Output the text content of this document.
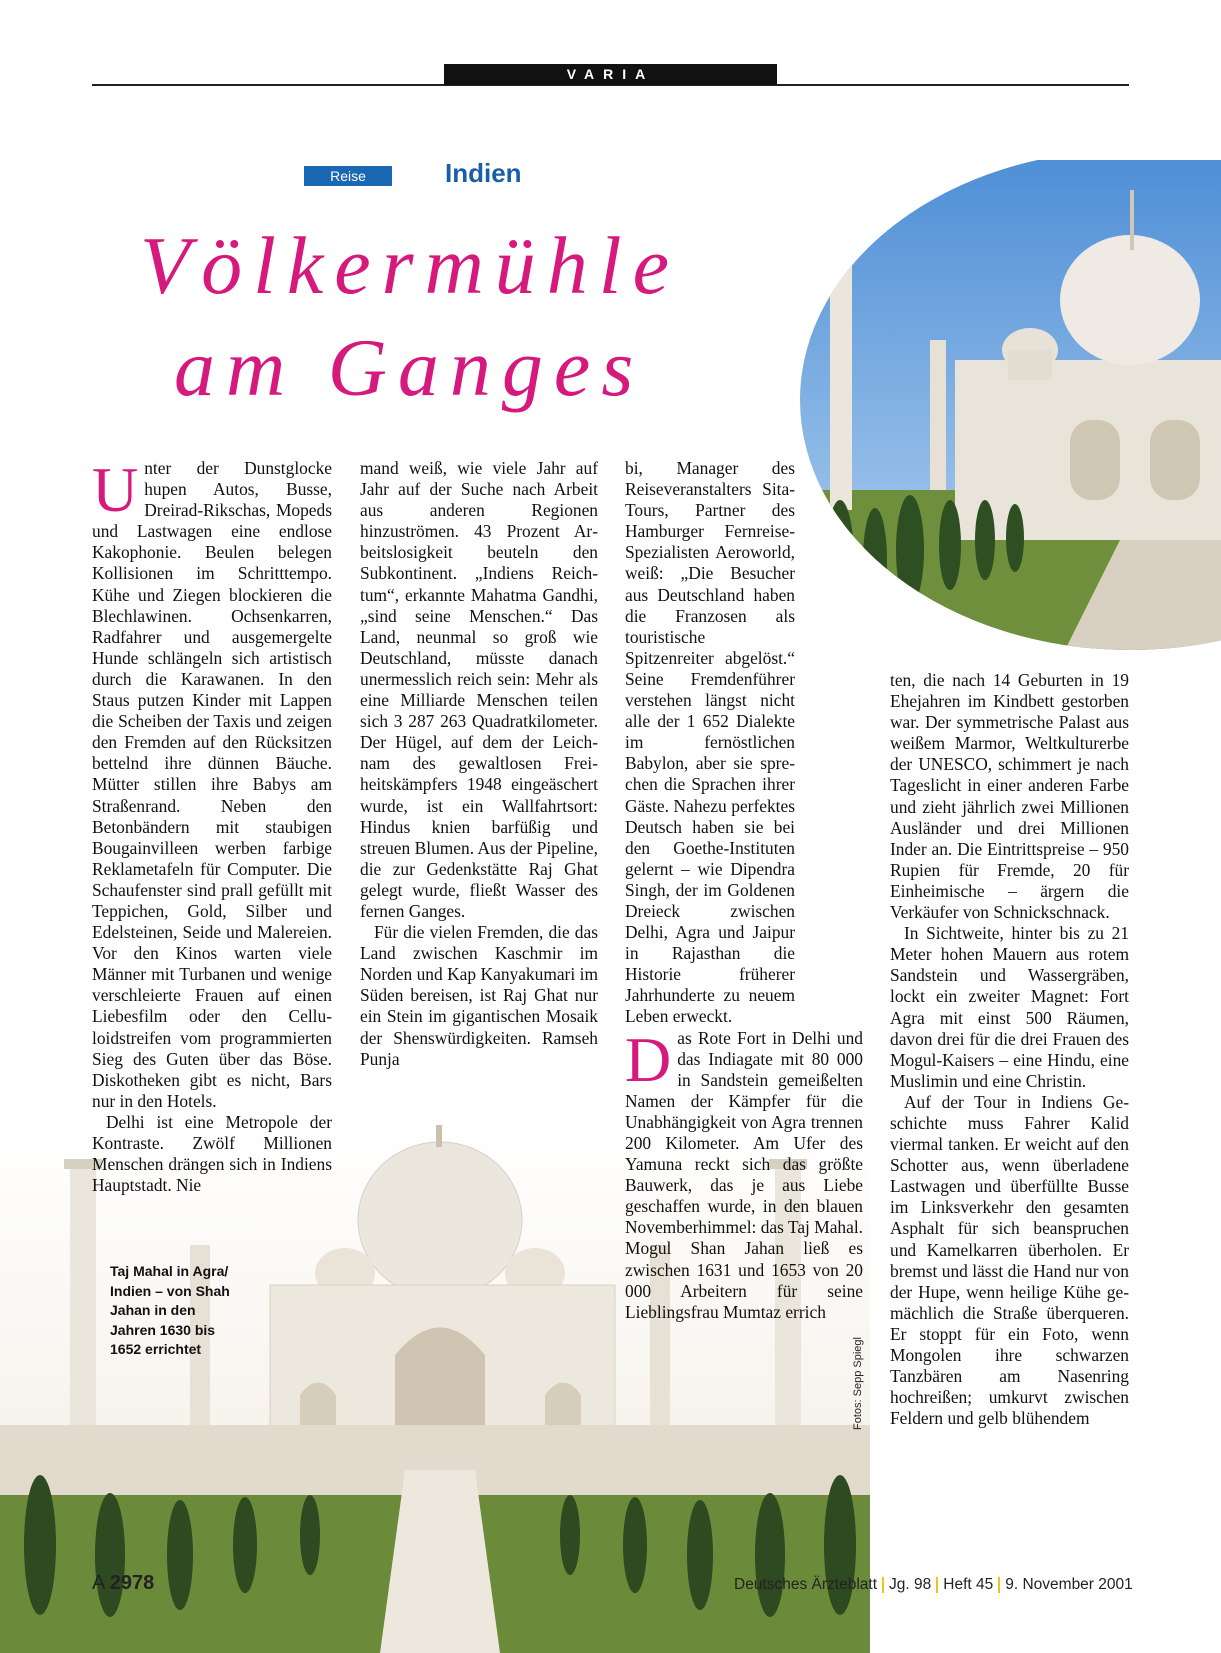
VARIA
Reise	Indien
Völkermühle
am Ganges

Unter der Dunstglocke hupen Autos, Busse, Dreirad-Rikschas, Mopeds und Lastwagen eine endlose Kakophonie. Beulen belegen Kollisionen im Schritttempo. Kühe und Ziegen blockieren die Blechlawinen. Ochsenkarren, Radfahrer und ausgemergelte Hunde schlängeln sich artistisch durch die Karawanen. In den Staus putzen Kinder mit Lappen die Scheiben der Taxis und zeigen den Fremden auf den Rücksitzen bettelnd ihre dünnen Bäuche. Mütter stillen ihre Babys am Straßenrand. Neben den Betonbändern mit staubigen Bougainvilleen werben farbige Reklametafeln für Computer. Die Schaufenster sind prall gefüllt mit Teppichen, Gold, Silber und Edelsteinen, Seide und Malereien. Vor den Kinos warten viele Männer mit Turbanen und wenige verschleierte Frauen auf einen Liebesfilm oder den Celluloidstreifen vom programmierten Sieg des Guten über das Böse. Diskotheken gibt es nicht, Bars nur in den Hotels.

Delhi ist eine Metropole der Kontraste. Zwölf Millionen Menschen drängen sich in Indiens Hauptstadt. Nie

mand weiß, wie viele Jahr auf Jahr auf der Suche nach Arbeit aus anderen Regionen hinzuströmen. 43 Prozent Arbeitslosigkeit beuteln den Subkontinent. „Indiens Reichtum“, erkannte Mahatma Gandhi, „sind seine Menschen.“ Das Land, neunmal so groß wie Deutschland, müsste danach unermesslich reich sein: Mehr als eine Milliarde Menschen teilen sich 3 287 263 Quadratkilometer. Der Hügel, auf dem der Leichnam des gewaltlosen Freiheitskämpfers 1948 eingeäschert wurde, ist ein Wallfahrtsort: Hindus knien barfüßig und streuen Blumen. Aus der Pipeline, die zur Gedenkstätte Raj Ghat gelegt wurde, fließt Wasser des fernen Ganges.

Für die vielen Fremden, die das Land zwischen Kaschmir im Norden und Kap Kanyakumari im Süden bereisen, ist Raj Ghat nur ein Stein im gigantischen Mosaik der Shenswürdigkeiten. Ramseh Punja

bi, Manager des Reiseveranstalters Sita-Tours, Partner des Hamburger Fernreise-Spezialisten Aeroworld, weiß: „Die Besucher aus Deutschland haben die Franzosen als touristische Spitzenreiter abgelöst.“ Seine Fremdenführer verstehen längst nicht alle der 1 652 Dialekte im fernöstlichen Babylon, aber sie sprechen die Sprachen ihrer Gäste. Nahezu perfektes Deutsch haben sie bei den Goethe-Instituten gelernt – wie Dipendra Singh, der im Goldenen Dreieck zwischen Delhi, Agra und Jaipur in Rajasthan die Historie früherer Jahrhunderte zu neuem Leben erweckt.

Das Rote Fort in Delhi und das Indiagate mit 80 000 in Sandstein gemeißelten Namen der Kämpfer für die Unabhängigkeit von Agra trennen 200 Kilometer. Am Ufer des Yamuna reckt sich das größte Bauwerk, das je aus Liebe geschaffen wurde, in den blauen Novemberhimmel: das Taj Mahal. Mogul Shan Jahan ließ es zwischen 1631 und 1653 von 20 000 Arbeitern für seine Lieblingsfrau Mumtaz errich

ten, die nach 14 Geburten in 19 Ehejahren im Kindbett gestorben war. Der symmetrische Palast aus weißem Marmor, Weltkulturerbe der UNESCO, schimmert je nach Tageslicht in einer anderen Farbe und zieht jährlich zwei Millionen Ausländer und drei Millionen Inder an. Die Eintrittspreise – 950 Rupien für Fremde, 20 für Einheimische – ärgern die Verkäufer von Schnickschnack.

In Sichtweite, hinter bis zu 21 Meter hohen Mauern aus rotem Sandstein und Wassergräben, lockt ein zweiter Magnet: Fort Agra mit einst 500 Räumen, davon drei für die drei Frauen des Mogul-Kaisers – eine Hindu, eine Muslimin und eine Christin.

Auf der Tour in Indiens Geschichte muss Fahrer Kalid viermal tanken. Er weicht auf den Schotter aus, wenn überladene Lastwagen und überfüllte Busse im Linksverkehr den gesamten Asphalt für sich beanspruchen und Kamelkarren überholen. Er bremst und lässt die Hand nur von der Hupe, wenn heilige Kühe gemächlich die Straße überqueren. Er stoppt für ein Foto, wenn Mongolen ihre schwarzen Tanzbären am Nasenring hochreißen; umkurvt zwischen Feldern und gelb blühendem

Taj Mahal in Agra/ Indien – von Shah Jahan in den Jahren 1630 bis 1652 errichtet	Fotos: Sepp Spiegl
A 2978	Deutsches Ärzteblatt Jg. 98 Heft 45 9. November 2001
